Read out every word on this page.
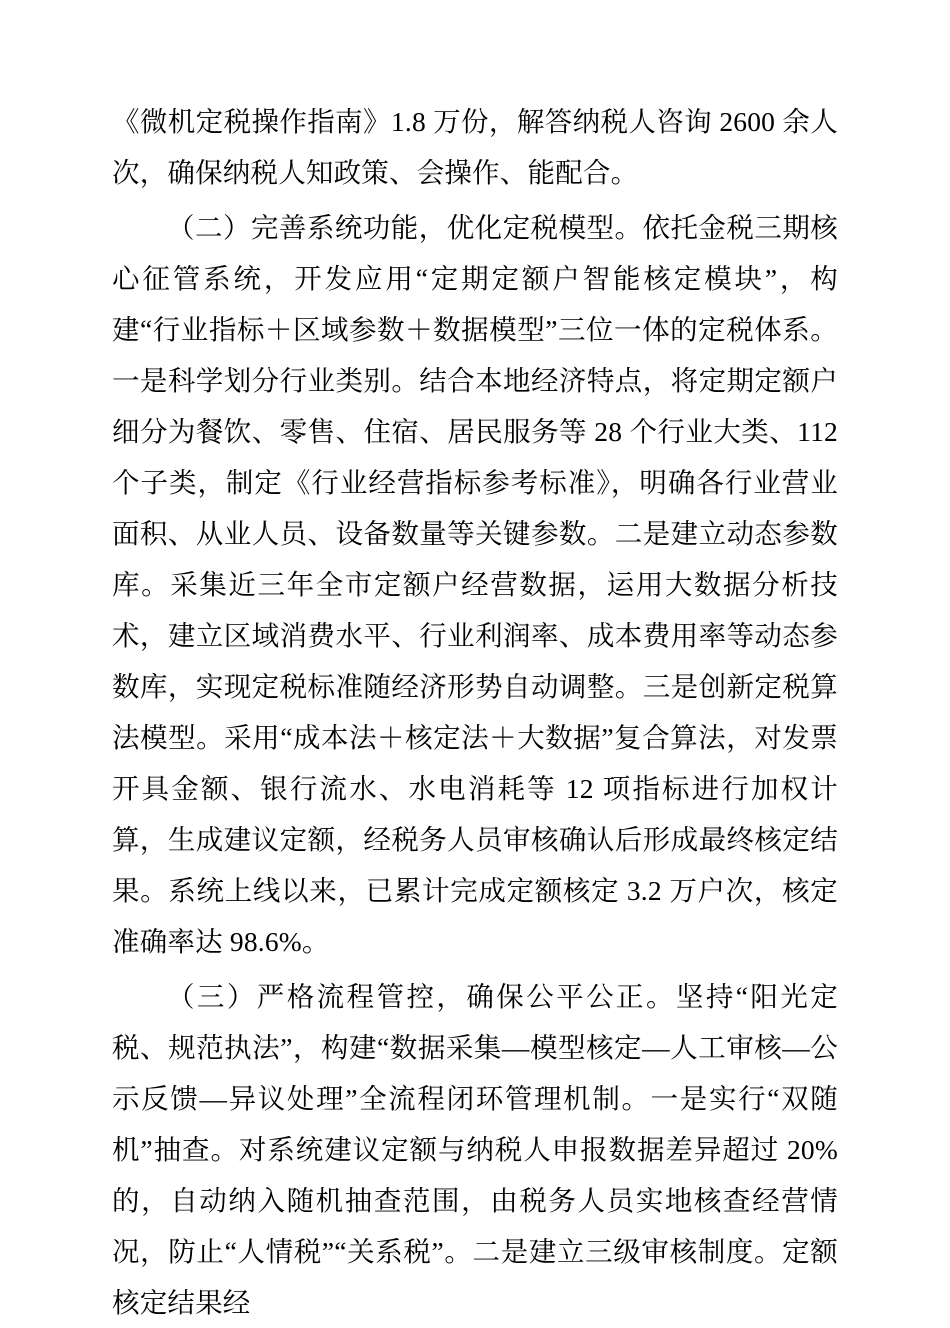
《微机定税操作指南》1.8 万份，解答纳税人咨询 2600 余人次，确保纳税人知政策、会操作、能配合。

（二）完善系统功能，优化定税模型。依托金税三期核心征管系统，开发应用“定期定额户智能核定模块”，构建“行业指标＋区域参数＋数据模型”三位一体的定税体系。一是科学划分行业类别。结合本地经济特点，将定期定额户细分为餐饮、零售、住宿、居民服务等 28 个行业大类、112 个子类，制定《行业经营指标参考标准》，明确各行业营业面积、从业人员、设备数量等关键参数。二是建立动态参数库。采集近三年全市定额户经营数据，运用大数据分析技术，建立区域消费水平、行业利润率、成本费用率等动态参数库，实现定税标准随经济形势自动调整。三是创新定税算法模型。采用“成本法＋核定法＋大数据”复合算法，对发票开具金额、银行流水、水电消耗等 12 项指标进行加权计算，生成建议定额，经税务人员审核确认后形成最终核定结果。系统上线以来，已累计完成定额核定 3.2 万户次，核定准确率达 98.6%。

（三）严格流程管控，确保公平公正。坚持“阳光定税、规范执法”，构建“数据采集—模型核定—人工审核—公示反馈—异议处理”全流程闭环管理机制。一是实行“双随机”抽查。对系统建议定额与纳税人申报数据差异超过 20%的，自动纳入随机抽查范围，由税务人员实地核查经营情况，防止“人情税”“关系税”。二是建立三级审核制度。定额核定结果经
